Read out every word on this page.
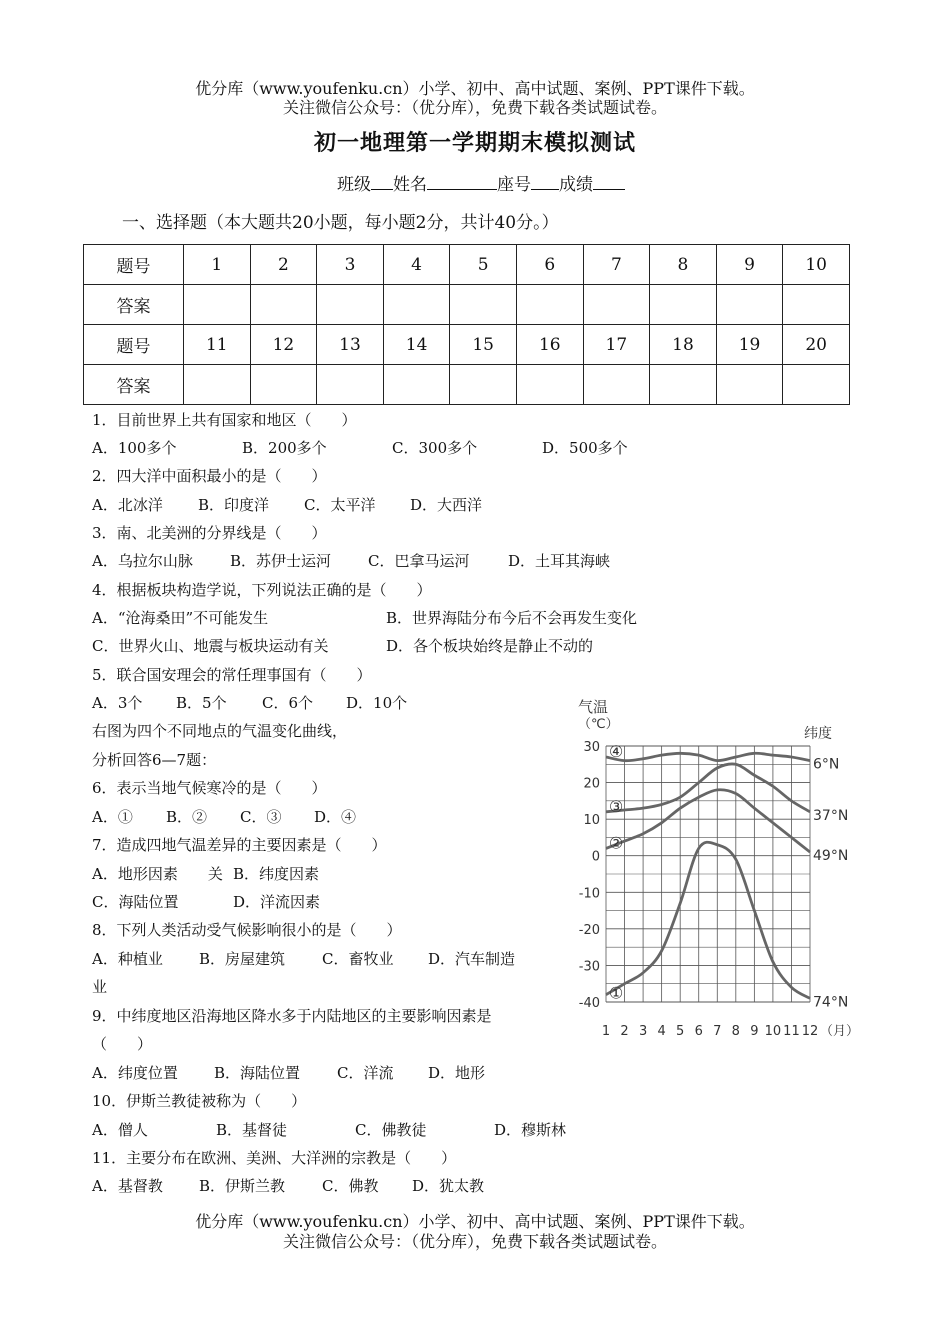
优分库（www.youfenku.cn）小学、初中、高中试题、案例、PPT课件下载。
关注微信公众号：（优分库），免费下载各类试题试卷。
初一地理第一学期期末模拟测试
班级 姓名	座号 成绩
一、选择题（本大题共20小题，每小题2分，共计40分。）
题号	1	2	3	4	5	6	7	8	9	10
答案										
题号	11	12	13	14	15	16	17	18	19	20
答案										
1．目前世界上共有国家和地区（　　）
A．100多个	B．200多个	C．300多个	D．500多个
2．四大洋中面积最小的是（　　）
A．北冰洋 B．印度洋 C．太平洋 D．大西洋
3．南、北美洲的分界线是（　　）
A．乌拉尔山脉 B．苏伊士运河 C．巴拿马运河	D．土耳其海峡
4．根据板块构造学说，下列说法正确的是（　　）
A．“沧海桑田”不可能发生	B．世界海陆分布今后不会再发生变化
C．世界火山、地震与板块运动有关	D．各个板块始终是静止不动的
5．联合国安理会的常任理事国有（　　）
A．3个 B．5个 C．6个 D．10个
右图为四个不同地点的气温变化曲线，
分析回答6—7题：
6．表示当地气候寒冷的是（　　）
A．① B．② C．③ D．④
7．造成四地气温差异的主要因素是（　　）
A．地形因素　　关 B．纬度因素
C．海陆位置	D．洋流因素
8．下列人类活动受气候影响很小的是（　　）
A．种植业 B．房屋建筑 C．畜牧业 D．汽车制造
业
9．中纬度地区沿海地区降水多于内陆地区的主要影响因素是
（　　）
A．纬度位置 B．海陆位置 C．洋流 D．地形
10．伊斯兰教徒被称为（　　）
A．僧人	B．基督徒	C．佛教徒	D．穆斯林
11．主要分布在欧洲、美洲、大洋洲的宗教是（　　）
A．基督教 B．伊斯兰教 C．佛教 D．犹太教
气温
（℃）
纬度
30
20
10
0
-10
-20
-30
-40
1 2 3 4 5 6 7 8 9 10 11 12
①	74°N
②
49°N
③	37°N
④
6°N
（月）
优分库（www.youfenku.cn）小学、初中、高中试题、案例、PPT课件下载。
关注微信公众号：（优分库），免费下载各类试题试卷。
